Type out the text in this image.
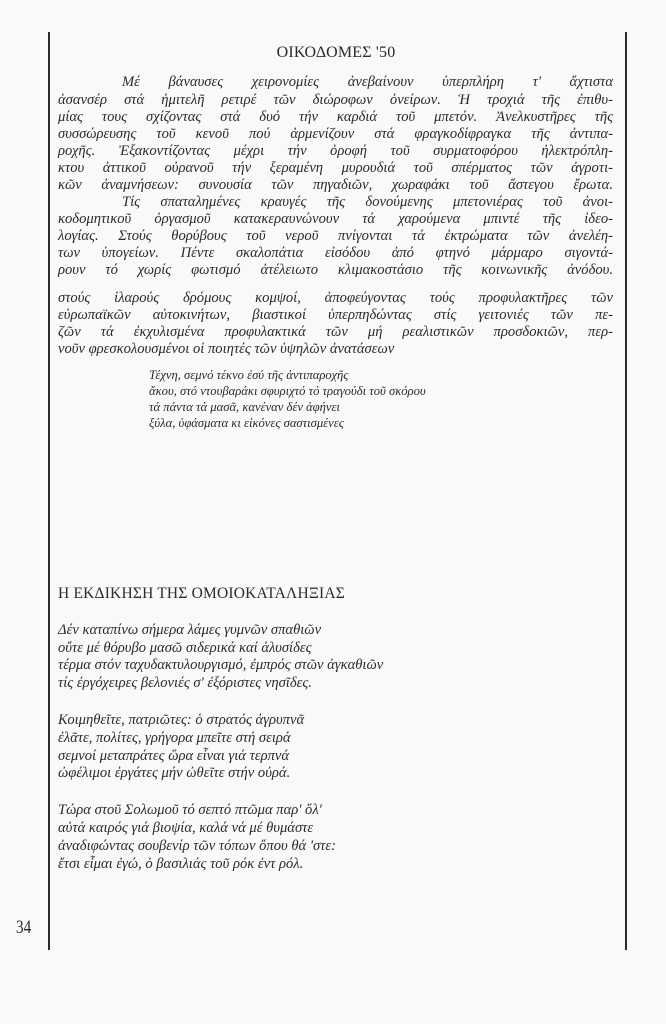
ΟΙΚΟΔΟΜΕΣ '50
Μέ βάναυσες χειρονομίες ἀνεβαίνουν ὑπερπλήρη τ' ἄχτιστα
ἀσανσέρ στά ἡμιτελῆ ρετιρέ τῶν διώροφων ὀνείρων. Ἡ τροχιά τῆς ἐπιθυ-
μίας τους σχίζοντας στά δυό τήν καρδιά τοῦ μπετόν. Ἀνελκυστῆρες τῆς
συσσώρευσης τοῦ κενοῦ πού ἀρμενίζουν στά φραγκοδίφραγκα τῆς ἀντιπα-
ροχῆς. Ἐξακοντίζοντας μέχρι τήν ὀροφή τοῦ συρματοφόρου ἠλεκτρόπλη-
κτου ἀττικοῦ οὐρανοῦ τήν ξεραμένη μυρουδιά τοῦ σπέρματος τῶν ἀγροτι-
κῶν ἀναμνήσεων: συνουσία τῶν πηγαδιῶν, χωραφάκι τοῦ ἄστεγου ἔρωτα.
Τίς σπαταλημένες κραυγές τῆς δονούμενης μπετονιέρας τοῦ ἀνοι-
κοδομητικοῦ ὀργασμοῦ κατακεραυνώνουν τά χαρούμενα μπιντέ τῆς ἰδεο-
λογίας. Στούς θορύβους τοῦ νεροῦ πνίγονται τά ἐκτρώματα τῶν ἀνελέη-
των ὑπογείων. Πέντε σκαλοπάτια εἰσόδου ἀπό φτηνό μάρμαρο σιγοντά-
ρουν τό χωρίς φωτισμό ἀτέλειωτο κλιμακοστάσιο τῆς κοινωνικῆς ἀνόδου.
στούς ἱλαρούς δρόμους κομψοί, ἀποφεύγοντας τούς προφυλακτῆρες τῶν
εὐρωπαϊκῶν αὐτοκινήτων, βιαστικοί ὑπερπηδώντας στίς γειτονιές τῶν πε-
ζῶν τά ἐκχυλισμένα προφυλακτικά τῶν μή ρεαλιστικῶν προσδοκιῶν, περ-
νοῦν φρεσκολουσμένοι οἱ ποιητές τῶν ὑψηλῶν ἀνατάσεων
Τέχνη, σεμνό τέκνο ἐσύ τῆς ἀντιπαροχῆς
ἄκου, στό ντουβαράκι σφυριχτό τό τραγούδι τοῦ σκόρου
τά πάντα τά μασᾶ, κανέναν δέν ἀφήνει
ξύλα, ὑφάσματα κι εἰκόνες σαστισμένες
Η ΕΚΔΙΚΗΣΗ ΤΗΣ ΟΜΟΙΟΚΑΤΑΛΗΞΙΑΣ
Δέν καταπίνω σήμερα λάμες γυμνῶν σπαθιῶν
οὔτε μέ θόρυβο μασῶ σιδερικά καί ἁλυσίδες
τέρμα στόν ταχυδακτυλουργισμό, ἐμπρός στῶν ἀγκαθιῶν
τίς ἐργόχειρες βελονιές σ' ἐξόριστες νησῖδες.
Κοιμηθεῖτε, πατριῶτες: ὁ στρατός ἀγρυπνᾶ
ἐλᾶτε, πολίτες, γρήγορα μπεῖτε στή σειρά
σεμνοί μεταπράτες ὥρα εἶναι γιά τερπνά
ὠφέλιμοι ἐργάτες μήν ὠθεῖτε στήν οὐρά.
Τώρα στοῦ Σολωμοῦ τό σεπτό πτῶμα παρ' ὅλ'
αὐτά καιρός γιά βιοψία, καλά νά μέ θυμάστε
ἀναδιφώντας σουβενίρ τῶν τόπων ὅπου θά 'στε:
ἔτσι εἶμαι ἐγώ, ὁ βασιλιάς τοῦ ρόκ ἐντ ρόλ.
34
